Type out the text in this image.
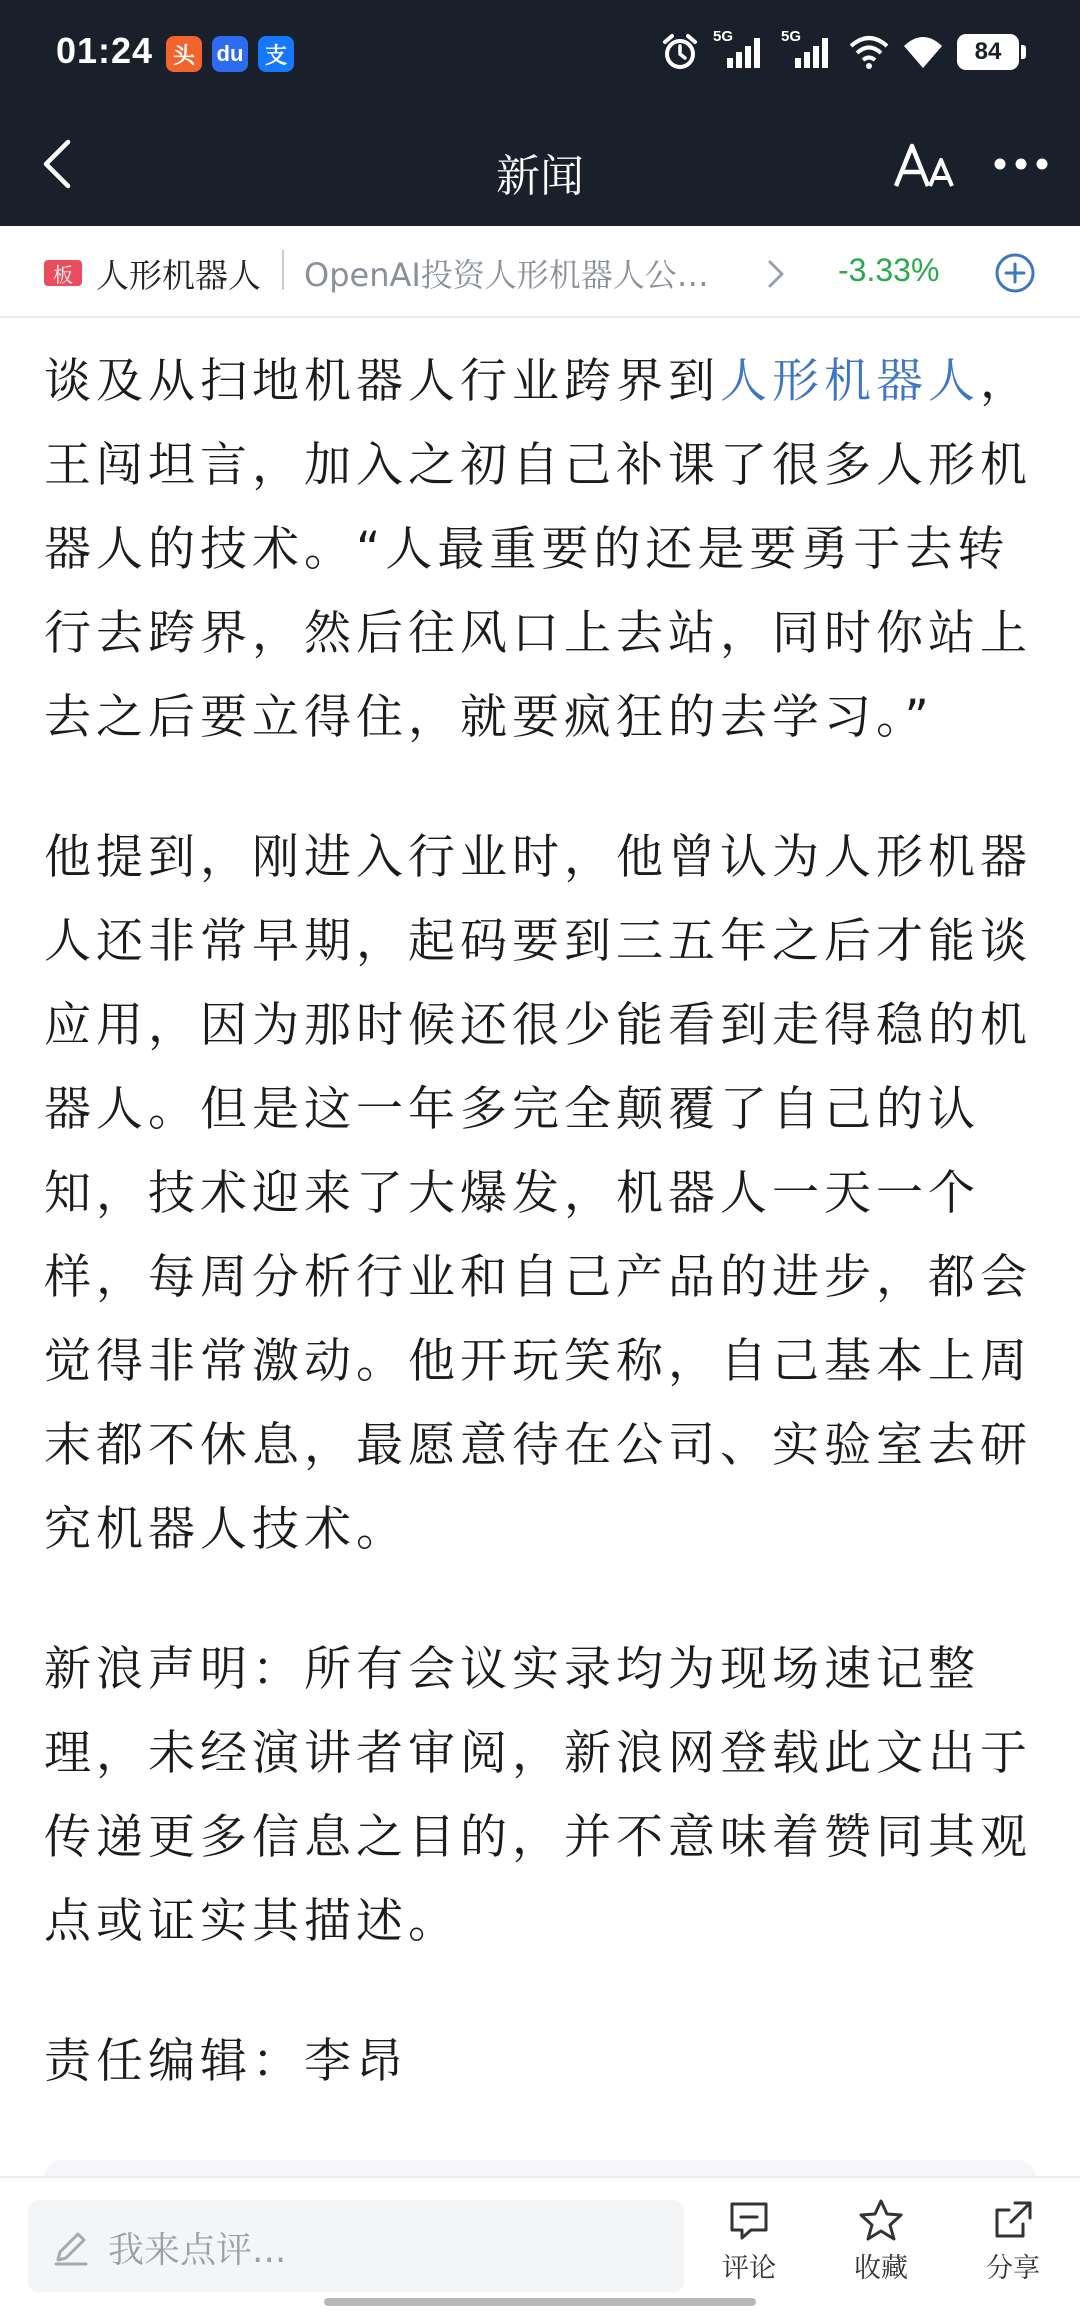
01:24 头 du 支
5G	5G
84
新闻
板 人形机器人 OpenAI投资人形机器人公…	-3.33%

谈及从扫地机器人行业跨界到人形机器人，王闯坦言，加入之初自己补课了很多人形机器人的技术。“人最重要的还是要勇于去转行去跨界，然后往风口上去站，同时你站上去之后要立得住，就要疯狂的去学习。”

他提到，刚进入行业时，他曾认为人形机器人还非常早期，起码要到三五年之后才能谈应用，因为那时候还很少能看到走得稳的机器人。但是这一年多完全颠覆了自己的认知，技术迎来了大爆发，机器人一天一个样，每周分析行业和自己产品的进步，都会觉得非常激动。他开玩笑称，自己基本上周末都不休息，最愿意待在公司、实验室去研究机器人技术。

新浪声明：所有会议实录均为现场速记整理，未经演讲者审阅，新浪网登载此文出于传递更多信息之目的，并不意味着赞同其观点或证实其描述。

责任编辑：李昂

我来点评...	评论	收藏	分享
